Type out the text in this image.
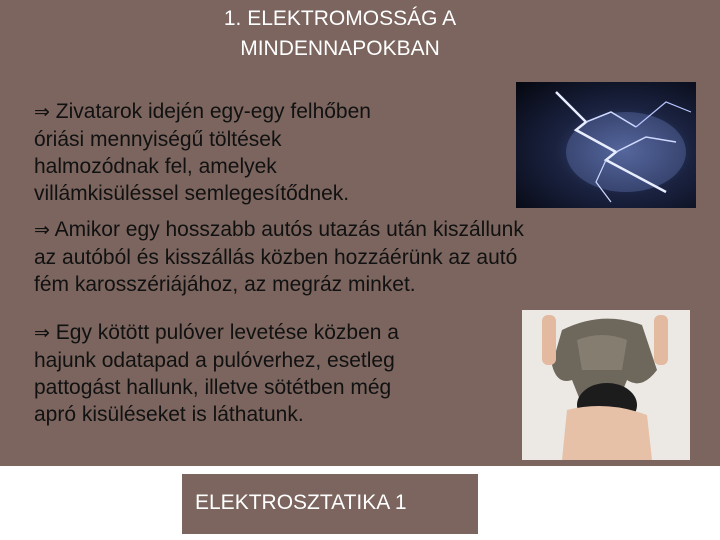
1. ELEKTROMOSSÁG A
MINDENNAPOKBAN

⇒ Zivatarok idején egy-egy felhőben
óriási mennyiségű töltések
halmozódnak fel, amelyek
villámkisüléssel semlegesítődnek.

⇒ Amikor egy hosszabb autós utazás után kiszállunk
az autóból és kisszállás közben hozzáérünk az autó
fém karosszériájához, az megráz minket.

⇒ Egy kötött pulóver levetése közben a
hajunk odatapad a pulóverhez, esetleg
pattogást hallunk, illetve sötétben még
apró kisüléseket is láthatunk.

ELEKTROSZTATIKA 1
